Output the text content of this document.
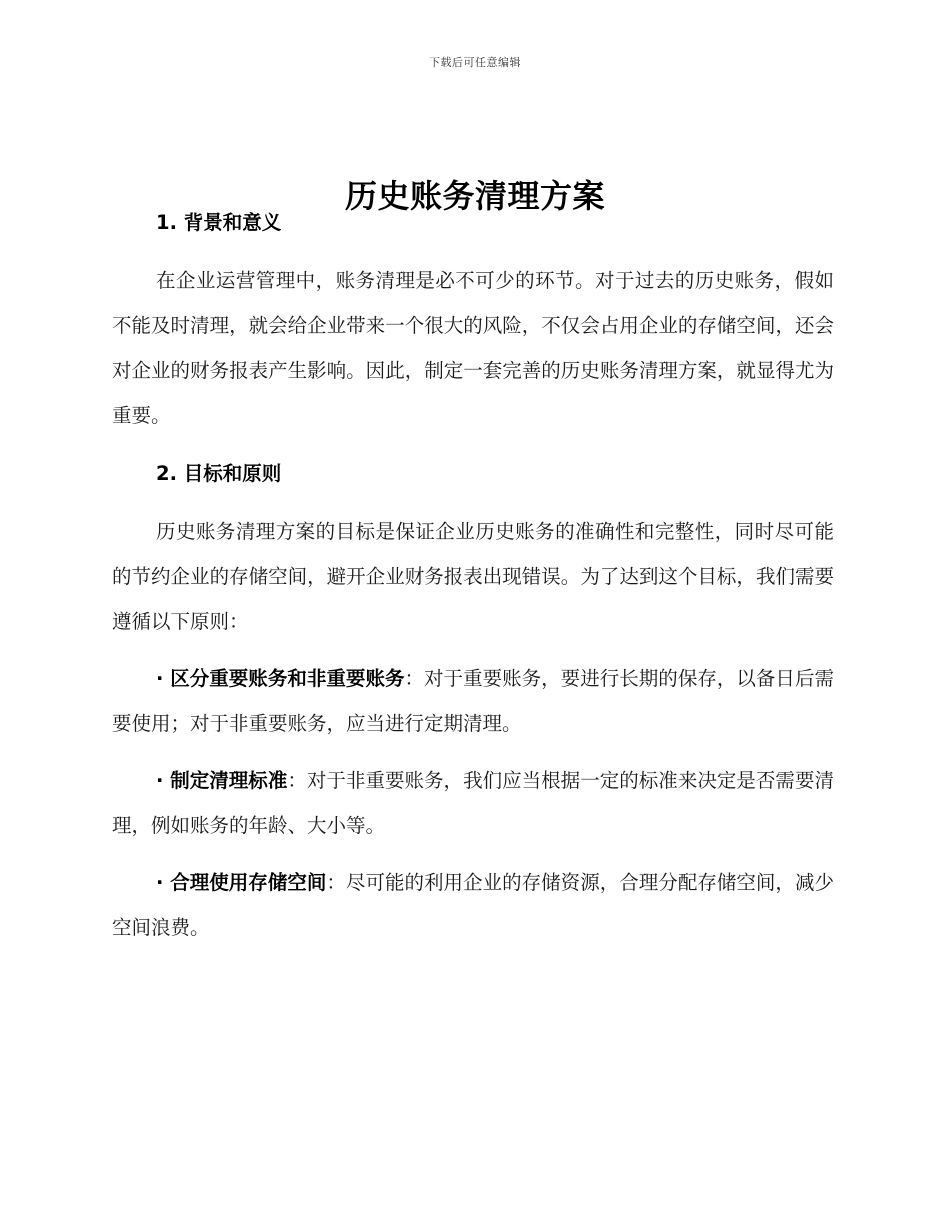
下载后可任意编辑
历史账务清理方案
1. 背景和意义

在企业运营管理中，账务清理是必不可少的环节。对于过去的历史账务，假如不能及时清理，就会给企业带来一个很大的风险，不仅会占用企业的存储空间，还会对企业的财务报表产生影响。因此，制定一套完善的历史账务清理方案，就显得尤为重要。

2. 目标和原则

历史账务清理方案的目标是保证企业历史账务的准确性和完整性，同时尽可能的节约企业的存储空间，避开企业财务报表出现错误。为了达到这个目标，我们需要遵循以下原则：

· 区分重要账务和非重要账务：对于重要账务，要进行长期的保存，以备日后需要使用；对于非重要账务，应当进行定期清理。

· 制定清理标准：对于非重要账务，我们应当根据一定的标准来决定是否需要清理，例如账务的年龄、大小等。

· 合理使用存储空间：尽可能的利用企业的存储资源，合理分配存储空间，减少空间浪费。
